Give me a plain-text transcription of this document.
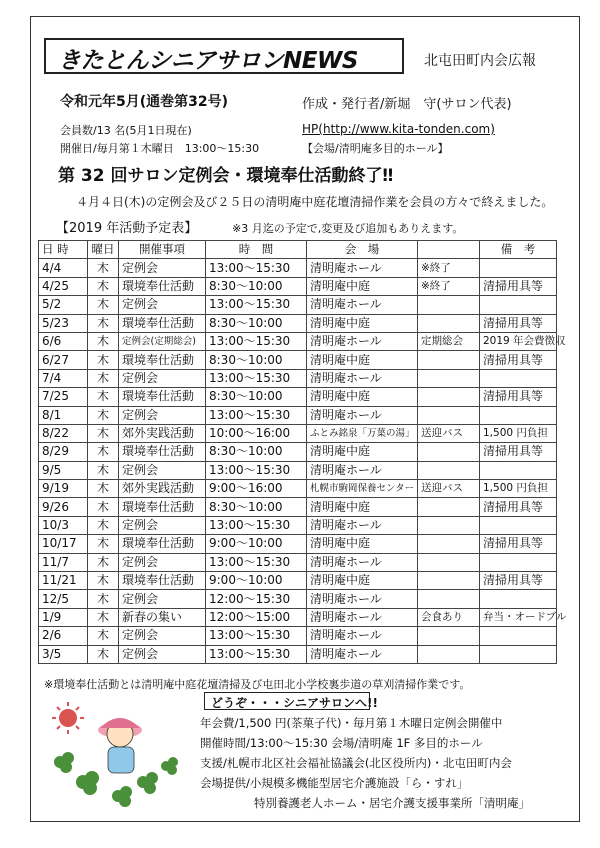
きたとんシニアサロンNEWS	北屯田町内会広報
令和元年5月(通巻第32号)	作成・発行者/新堀　守(サロン代表)
会員数/13 名(5月1日現在)	HP(http://www.kita-tonden.com)
開催日/毎月第１木曜日　13:00〜15:30	【会場/清明庵多目的ホール】
第 32 回サロン定例会・環境奉仕活動終了‼
４月４日(木)の定例会及び２５日の清明庵中庭花壇清掃作業を会員の方々で終えました。
【2019 年活動予定表】	※3 月迄の予定で,変更及び追加もありえます。
日 時	曜日	開催事項	時　間	会　場		備　考
4/4	木	定例会	13:00〜15:30	清明庵ホール	※終了	
4/25	木	環境奉仕活動	8:30〜10:00	清明庵中庭	※終了	清掃用具等
5/2	木	定例会	13:00〜15:30	清明庵ホール		
5/23	木	環境奉仕活動	8:30〜10:00	清明庵中庭		清掃用具等
6/6	木	定例会(定期総会)	13:00〜15:30	清明庵ホール	定期総会	2019 年会費徴収
6/27	木	環境奉仕活動	8:30〜10:00	清明庵中庭		清掃用具等
7/4	木	定例会	13:00〜15:30	清明庵ホール		
7/25	木	環境奉仕活動	8:30〜10:00	清明庵中庭		清掃用具等
8/1	木	定例会	13:00〜15:30	清明庵ホール		
8/22	木	郊外実践活動	10:00〜16:00	ふとみ銘泉「万葉の湯」	送迎バス	1,500 円負担
8/29	木	環境奉仕活動	8:30〜10:00	清明庵中庭		清掃用具等
9/5	木	定例会	13:00〜15:30	清明庵ホール		
9/19	木	郊外実践活動	9:00〜16:00	札幌市駒岡保養センター	送迎バス	1,500 円負担
9/26	木	環境奉仕活動	8:30〜10:00	清明庵中庭		清掃用具等
10/3	木	定例会	13:00〜15:30	清明庵ホール		
10/17	木	環境奉仕活動	9:00〜10:00	清明庵中庭		清掃用具等
11/7	木	定例会	13:00〜15:30	清明庵ホール		
11/21	木	環境奉仕活動	9:00〜10:00	清明庵中庭		清掃用具等
12/5	木	定例会	12:00〜15:30	清明庵ホール		
1/9	木	新春の集い	12:00〜15:00	清明庵ホール	会食あり	弁当・オードブル
2/6	木	定例会	13:00〜15:30	清明庵ホール		
3/5	木	定例会	13:00〜15:30	清明庵ホール		
※環境奉仕活動とは清明庵中庭花壇清掃及び屯田北小学校裏歩道の草刈清掃作業です。
どうぞ・・・シニアサロンへ!!
年会費/1,500 円(茶菓子代)・毎月第１木曜日定例会開催中
開催時間/13:00〜15:30 会場/清明庵 1F 多目的ホール
支援/札幌市北区社会福祉協議会(北区役所内)・北屯田町内会
会場提供/小規模多機能型居宅介護施設「ら・すれ」
特別養護老人ホーム・居宅介護支援事業所「清明庵」
